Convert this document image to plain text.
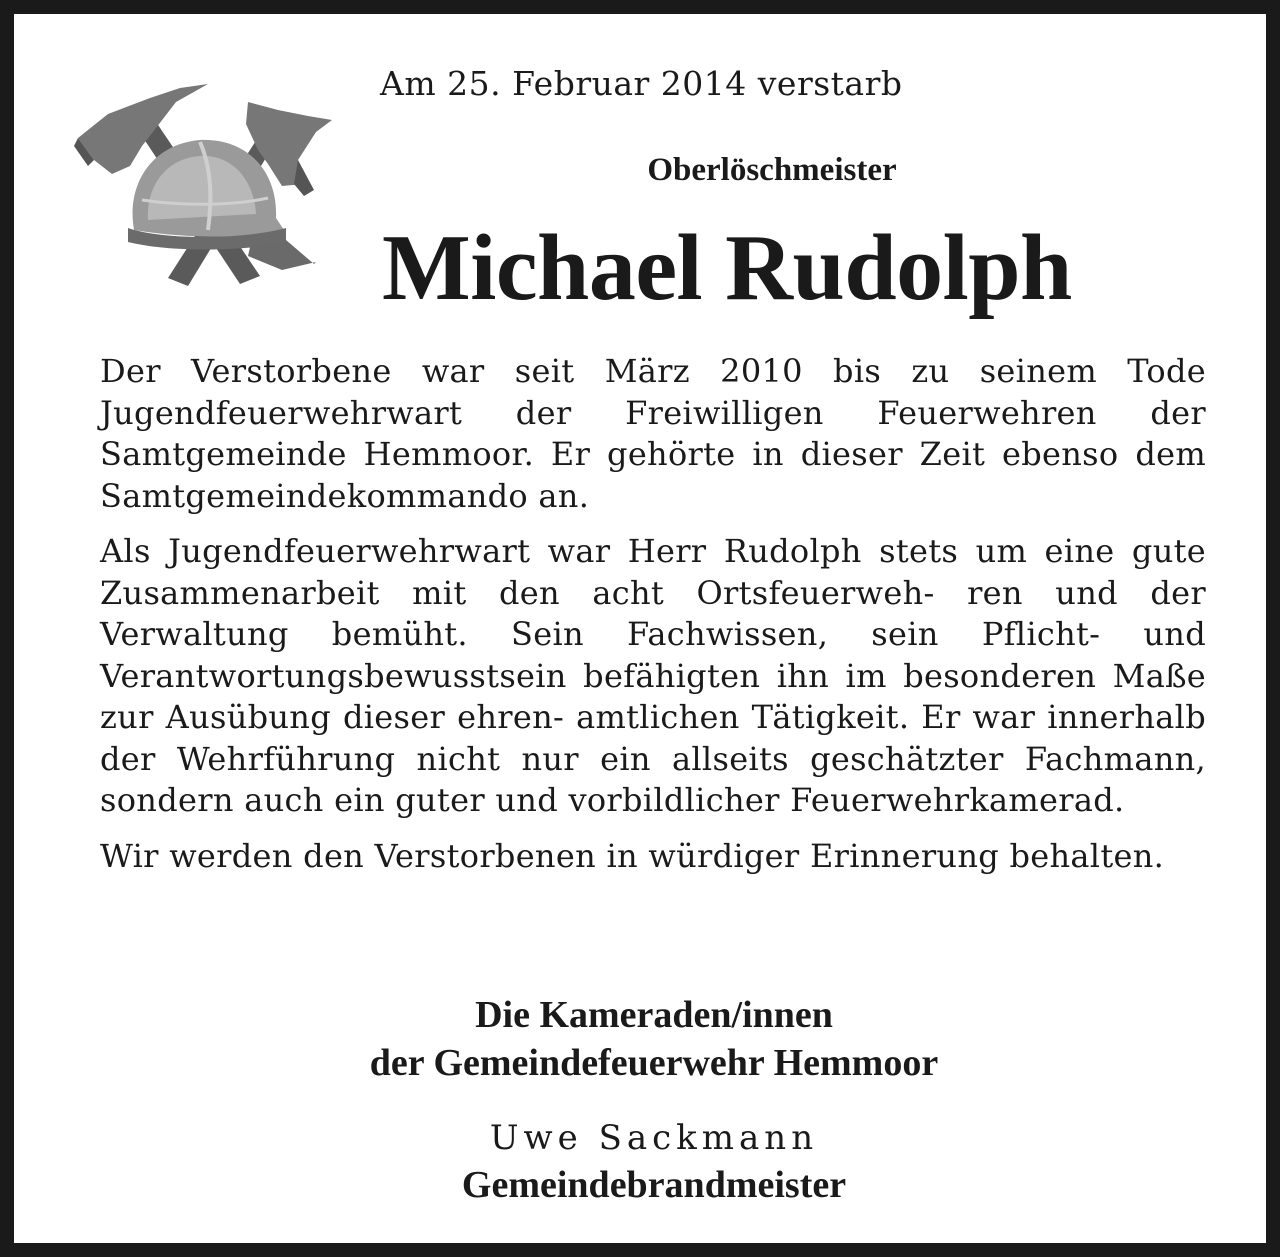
Am 25. Februar 2014 verstarb
Oberlöschmeister
Michael Rudolph

Der Verstorbene war seit März 2010 bis zu seinem Tode Jugendfeuerwehrwart der Freiwilligen Feuerwehren der Samtgemeinde Hemmoor. Er gehörte in dieser Zeit ebenso dem Samtgemeindekommando an.

Als Jugendfeuerwehrwart war Herr Rudolph stets um eine gute Zusammenarbeit mit den acht Ortsfeuerweh- ren und der Verwaltung bemüht. Sein Fachwissen, sein Pflicht- und Verantwortungsbewusstsein befähigten ihn im besonderen Maße zur Ausübung dieser ehren- amtlichen Tätigkeit. Er war innerhalb der Wehrführung nicht nur ein allseits geschätzter Fachmann, sondern auch ein guter und vorbildlicher Feuerwehrkamerad.

Wir werden den Verstorbenen in würdiger Erinnerung behalten.

Die Kameraden/innen
der Gemeindefeuerwehr Hemmoor
Uwe Sackmann
Gemeindebrandmeister
